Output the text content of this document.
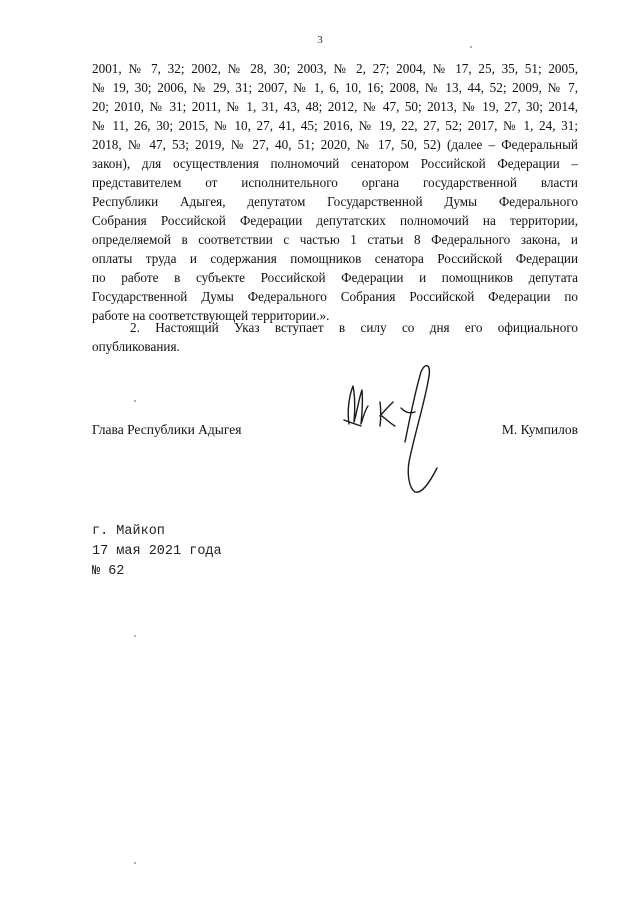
3
2001, № 7, 32; 2002, № 28, 30; 2003, № 2, 27; 2004, № 17, 25, 35, 51; 2005,
№ 19, 30; 2006, № 29, 31; 2007, № 1, 6, 10, 16; 2008, № 13, 44, 52; 2009, № 7,
20; 2010, № 31; 2011, № 1, 31, 43, 48; 2012, № 47, 50; 2013, № 19, 27, 30; 2014,
№ 11, 26, 30; 2015, № 10, 27, 41, 45; 2016, № 19, 22, 27, 52; 2017, № 1, 24, 31;
2018, № 47, 53; 2019, № 27, 40, 51; 2020, № 17, 50, 52) (далее – Федеральный
закон), для осуществления полномочий сенатором Российской Федерации –
представителем от исполнительного органа государственной власти
Республики Адыгея, депутатом Государственной Думы Федерального
Собрания Российской Федерации депутатских полномочий на территории,
определяемой в соответствии с частью 1 статьи 8 Федерального закона, и
оплаты труда и содержания помощников сенатора Российской Федерации
по работе в субъекте Российской Федерации и помощников депутата
Государственной Думы Федерального Собрания Российской Федерации по
работе на соответствующей территории.».
2. Настоящий Указ вступает в силу со дня его официального
опубликования.
Глава Республики Адыгея	М. Кумпилов
г. Майкоп
17 мая 2021 года
№ 62
